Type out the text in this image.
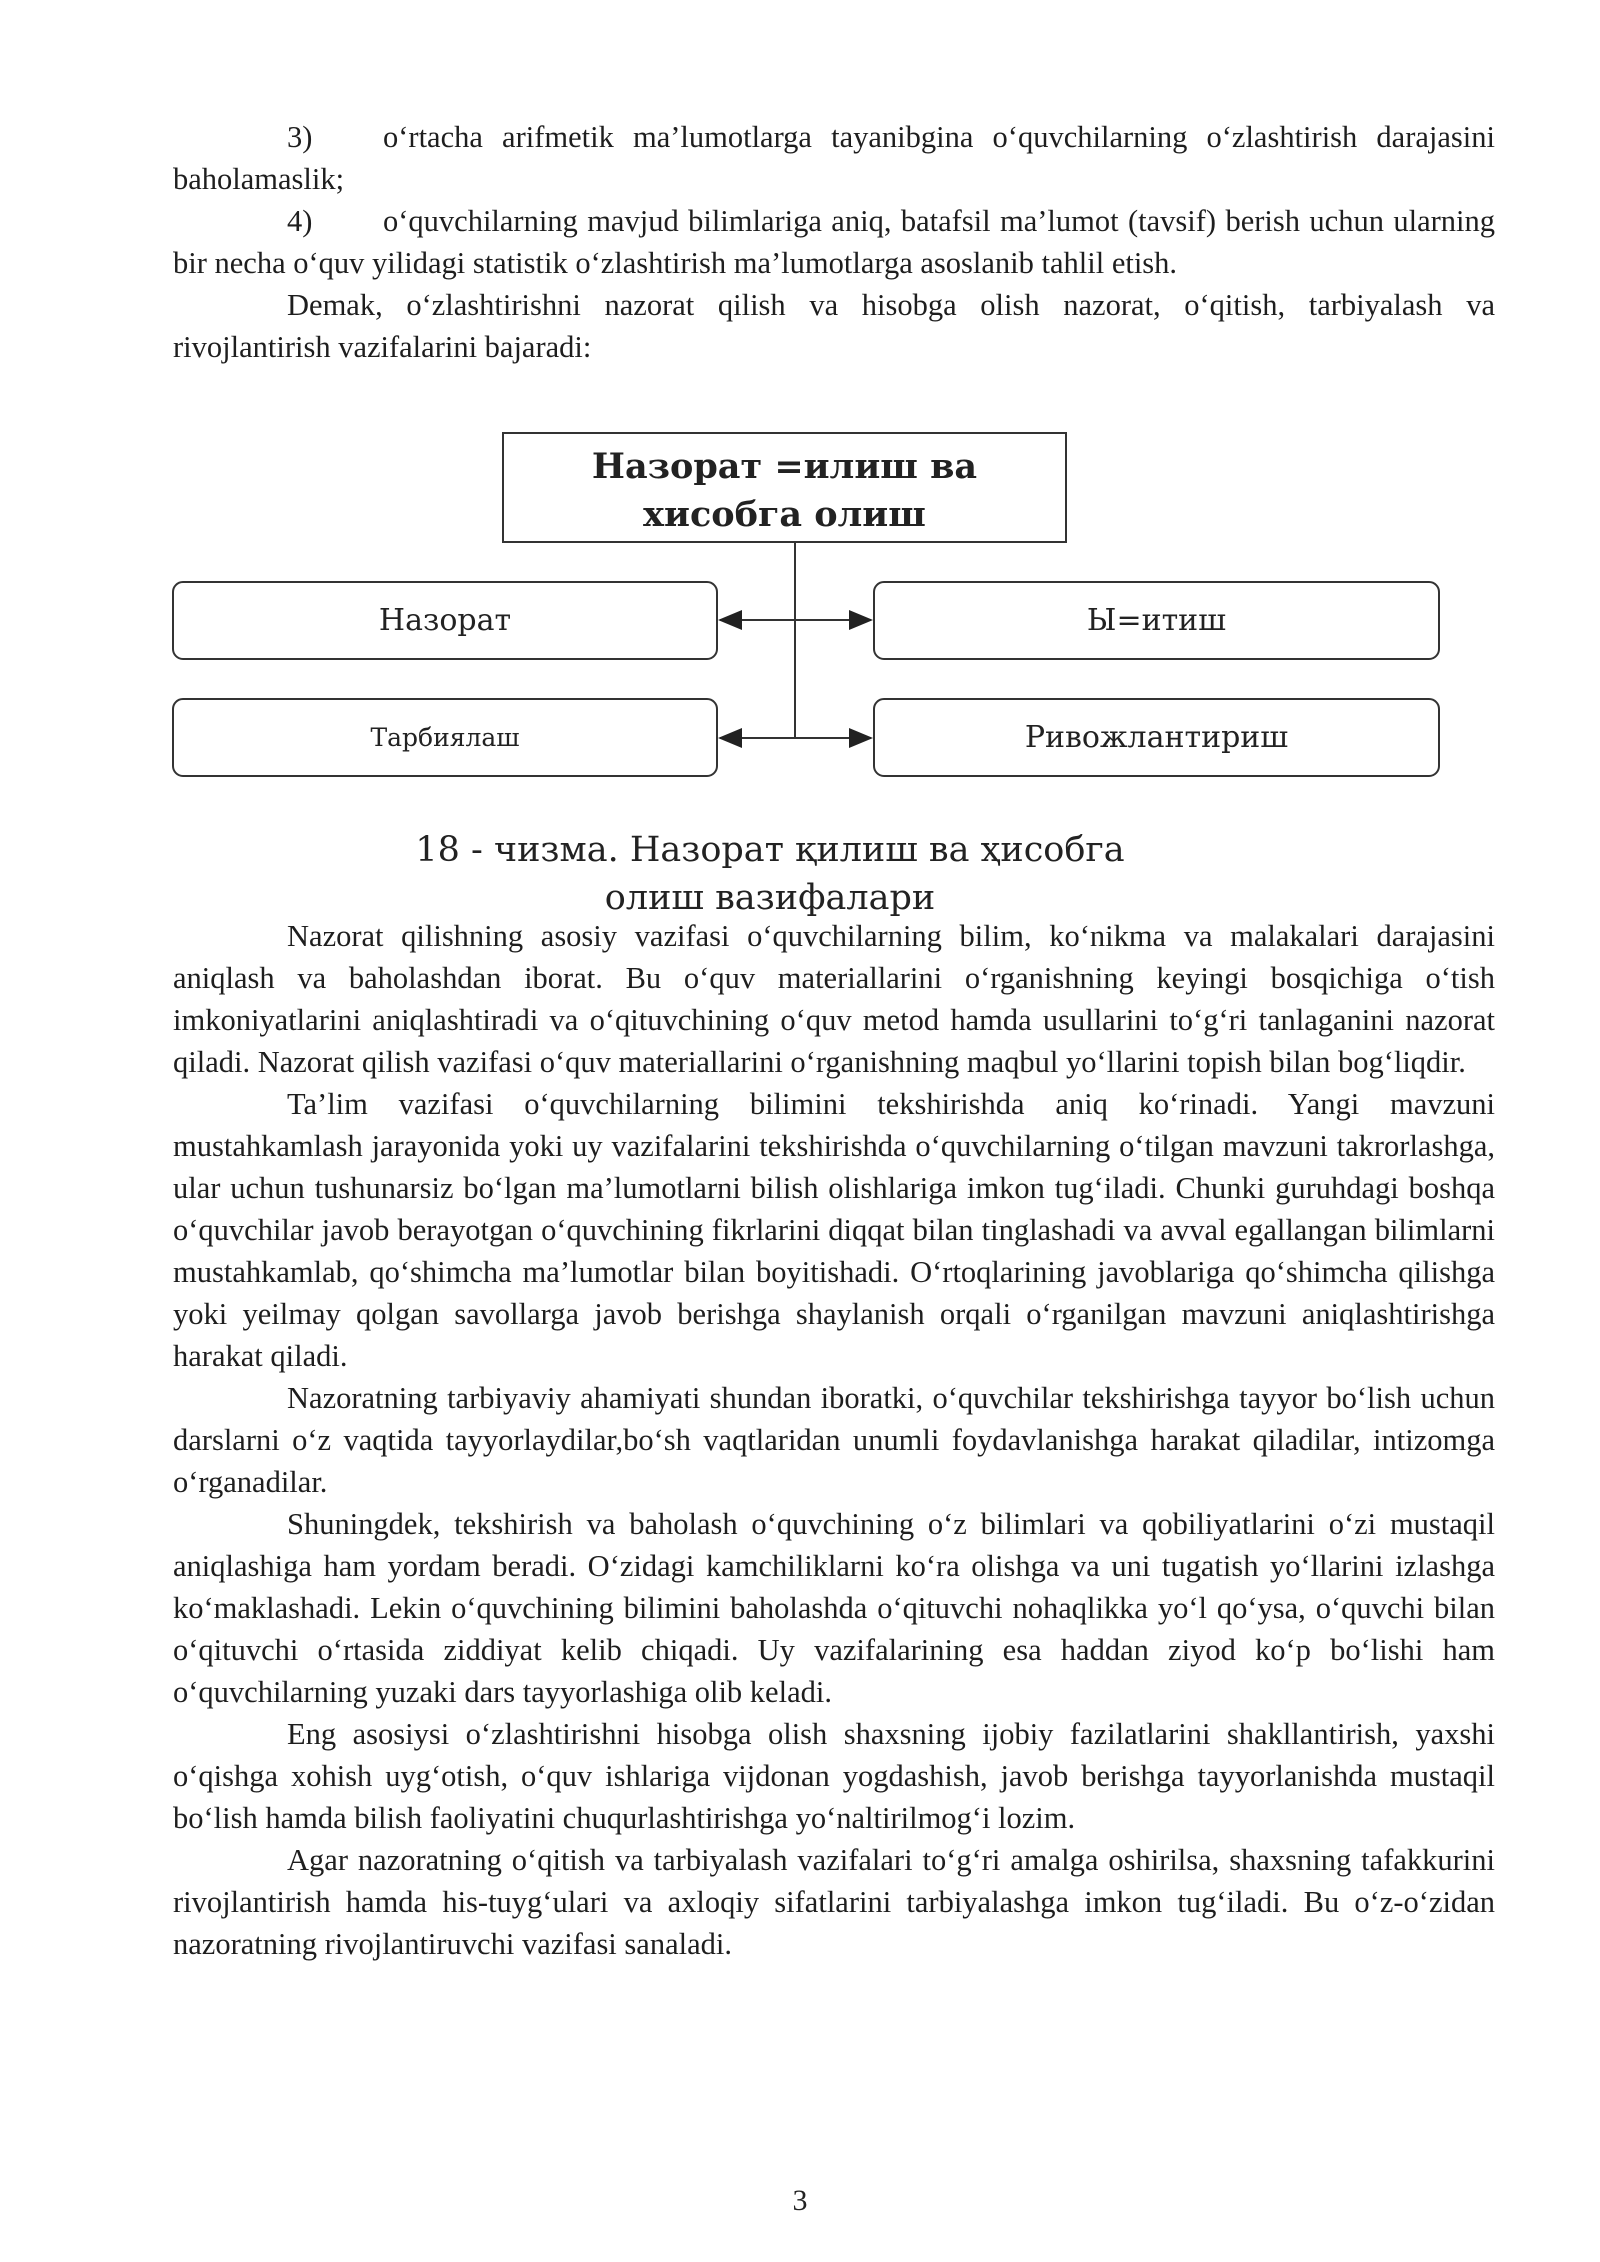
3) o‘rtacha arifmetik ma’lumotlarga tayanibgina o‘quvchilarning o‘zlashtirish darajasini baholamaslik;

4) o‘quvchilarning mavjud bilimlariga aniq, batafsil ma’lumot (tavsif) berish uchun ularning bir necha o‘quv yilidagi statistik o‘zlashtirish ma’lumotlarga asoslanib tahlil etish.

Demak, o‘zlashtirishni nazorat qilish va hisobga olish nazorat, o‘qitish, tarbiyalash va rivojlantirish vazifalarini bajaradi:

Назорат =илиш ва
хисобга олиш
Назорат	Ы=итиш
Тарбиялаш	Ривожлантириш
18 - чизма. Назорат қилиш ва ҳисобга
олиш вазифалари

Nazorat qilishning asosiy vazifasi o‘quvchilarning bilim, ko‘nikma va malakalari darajasini aniqlash va baholashdan iborat. Bu o‘quv materiallarini o‘rganishning keyingi bosqichiga o‘tish imkoniyatlarini aniqlashtiradi va o‘qituvchining o‘quv metod hamda usullarini to‘g‘ri tanlaganini nazorat qiladi. Nazorat qilish vazifasi o‘quv materiallarini o‘rganishning maqbul yo‘llarini topish bilan bog‘liqdir.

Ta’lim vazifasi o‘quvchilarning bilimini tekshirishda aniq ko‘rinadi. Yangi mavzuni mustahkamlash jarayonida yoki uy vazifalarini tekshirishda o‘quvchilarning o‘tilgan mavzuni takrorlashga, ular uchun tushunarsiz bo‘lgan ma’lumotlarni bilish olishlariga imkon tug‘iladi. Chunki guruhdagi boshqa o‘quvchilar javob berayotgan o‘quvchining fikrlarini diqqat bilan tinglashadi va avval egallangan bilimlarni mustahkamlab, qo‘shimcha ma’lumotlar bilan boyitishadi. O‘rtoqlarining javoblariga qo‘shimcha qilishga yoki yeilmay qolgan savollarga javob berishga shaylanish orqali o‘rganilgan mavzuni aniqlashtirishga harakat qiladi.

Nazoratning tarbiyaviy ahamiyati shundan iboratki, o‘quvchilar tekshirishga tayyor bo‘lish uchun darslarni o‘z vaqtida tayyorlaydilar,bo‘sh vaqtlaridan unumli foydavlanishga harakat qiladilar, intizomga o‘rganadilar.

Shuningdek, tekshirish va baholash o‘quvchining o‘z bilimlari va qobiliyatlarini o‘zi mustaqil aniqlashiga ham yordam beradi. O‘zidagi kamchiliklarni ko‘ra olishga va uni tugatish yo‘llarini izlashga ko‘maklashadi. Lekin o‘quvchining bilimini baholashda o‘qituvchi nohaqlikka yo‘l qo‘ysa, o‘quvchi bilan o‘qituvchi o‘rtasida ziddiyat kelib chiqadi. Uy vazifalarining esa haddan ziyod ko‘p bo‘lishi ham o‘quvchilarning yuzaki dars tayyorlashiga olib keladi.

Eng asosiysi o‘zlashtirishni hisobga olish shaxsning ijobiy fazilatlarini shakllantirish, yaxshi o‘qishga xohish uyg‘otish, o‘quv ishlariga vijdonan yogdashish, javob berishga tayyorlanishda mustaqil bo‘lish hamda bilish faoliyatini chuqurlashtirishga yo‘naltirilmog‘i lozim.

Agar nazoratning o‘qitish va tarbiyalash vazifalari to‘g‘ri amalga oshirilsa, shaxsning tafakkurini rivojlantirish hamda his-tuyg‘ulari va axloqiy sifatlarini tarbiyalashga imkon tug‘iladi. Bu o‘z-o‘zidan nazoratning rivojlantiruvchi vazifasi sanaladi.

3
